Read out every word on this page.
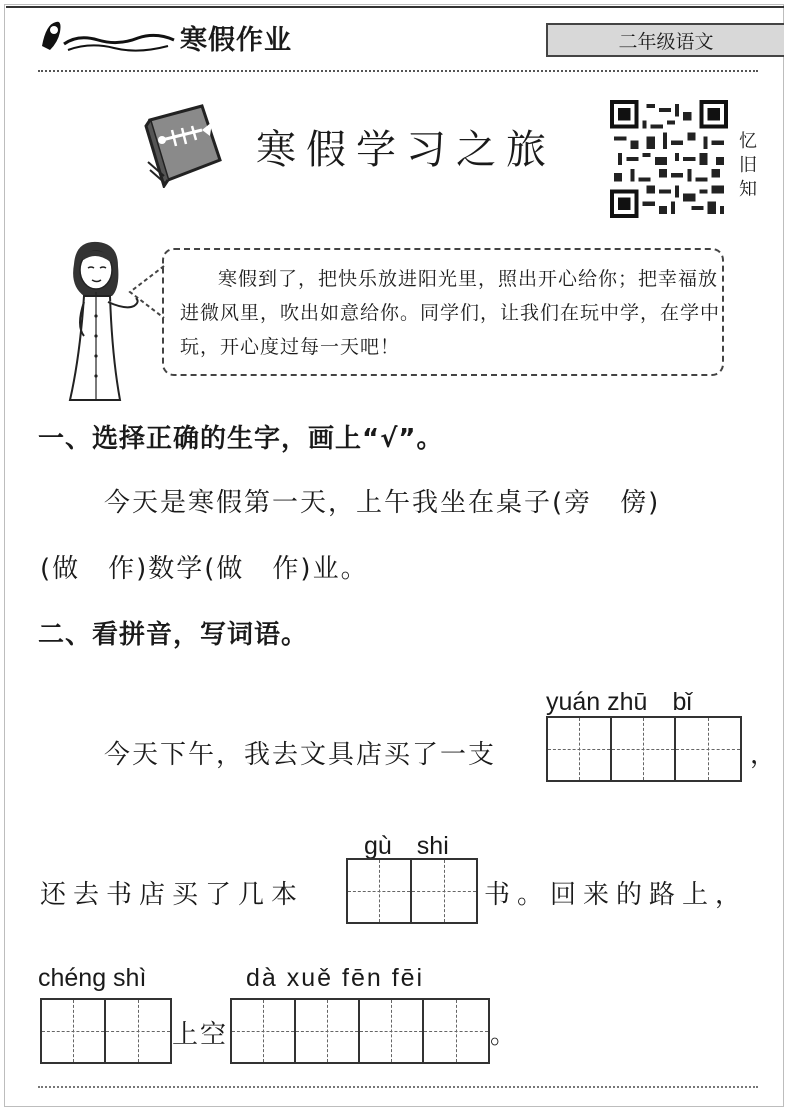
寒假作业	二年级语文
寒假学习之旅	忆旧知
寒假到了，把快乐放进阳光里，照出开心给你；把幸福放进微风里，吹出如意给你。同学们，让我们在玩中学，在学中玩，开心度过每一天吧！
一、选择正确的生字，画上“√”。
今天是寒假第一天，上午我坐在桌子(旁　傍)
(做　作)数学(做　作)业。
二、看拼音，写词语。
yuán zhū　bǐ
今天下午，我去文具店买了一支	，
gù　shi
还去书店买了几本	书。回来的路上，
chéng shì	dà xuě fēn fēi
上空	。
